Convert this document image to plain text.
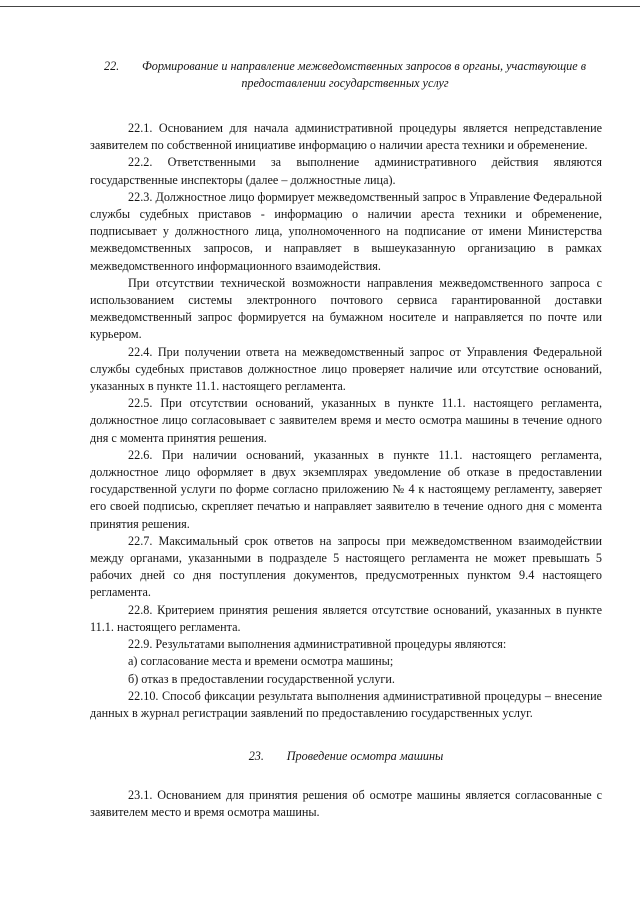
22. Формирование и направление межведомственных запросов в органы, участвующие в предоставлении государственных услуг

22.1. Основанием для начала административной процедуры является непредставление заявителем по собственной инициативе информацию о наличии ареста техники и обременение.

22.2. Ответственными за выполнение административного действия являются государственные инспекторы (далее – должностные лица).

22.3. Должностное лицо формирует межведомственный запрос в Управление Федеральной службы судебных приставов - информацию о наличии ареста техники и обременение, подписывает у должностного лица, уполномоченного на подписание от имени Министерства межведомственных запросов, и направляет в вышеуказанную организацию в рамках межведомственного информационного взаимодействия.

При отсутствии технической возможности направления межведомственного запроса с использованием системы электронного почтового сервиса гарантированной доставки межведомственный запрос формируется на бумажном носителе и направляется по почте или курьером.

22.4. При получении ответа на межведомственный запрос от Управления Федеральной службы судебных приставов должностное лицо проверяет наличие или отсутствие оснований, указанных в пункте 11.1. настоящего регламента.

22.5. При отсутствии оснований, указанных в пункте 11.1. настоящего регламента, должностное лицо согласовывает с заявителем время и место осмотра машины в течение одного дня с момента принятия решения.

22.6. При наличии оснований, указанных в пункте 11.1. настоящего регламента, должностное лицо оформляет в двух экземплярах уведомление об отказе в предоставлении государственной услуги по форме согласно приложению № 4 к настоящему регламенту, заверяет его своей подписью, скрепляет печатью и направляет заявителю в течение одного дня с момента принятия решения.

22.7. Максимальный срок ответов на запросы при межведомственном взаимодействии между органами, указанными в подразделе 5 настоящего регламента не может превышать 5 рабочих дней со дня поступления документов, предусмотренных пунктом 9.4 настоящего регламента.

22.8. Критерием принятия решения является отсутствие оснований, указанных в пункте 11.1. настоящего регламента.

22.9. Результатами выполнения административной процедуры являются:

а) согласование места и времени осмотра машины;

б) отказ в предоставлении государственной услуги.

22.10. Способ фиксации результата выполнения административной процедуры – внесение данных в журнал регистрации заявлений по предоставлению государственных услуг.

23. Проведение осмотра машины

23.1. Основанием для принятия решения об осмотре машины является согласованные с заявителем место и время осмотра машины.
